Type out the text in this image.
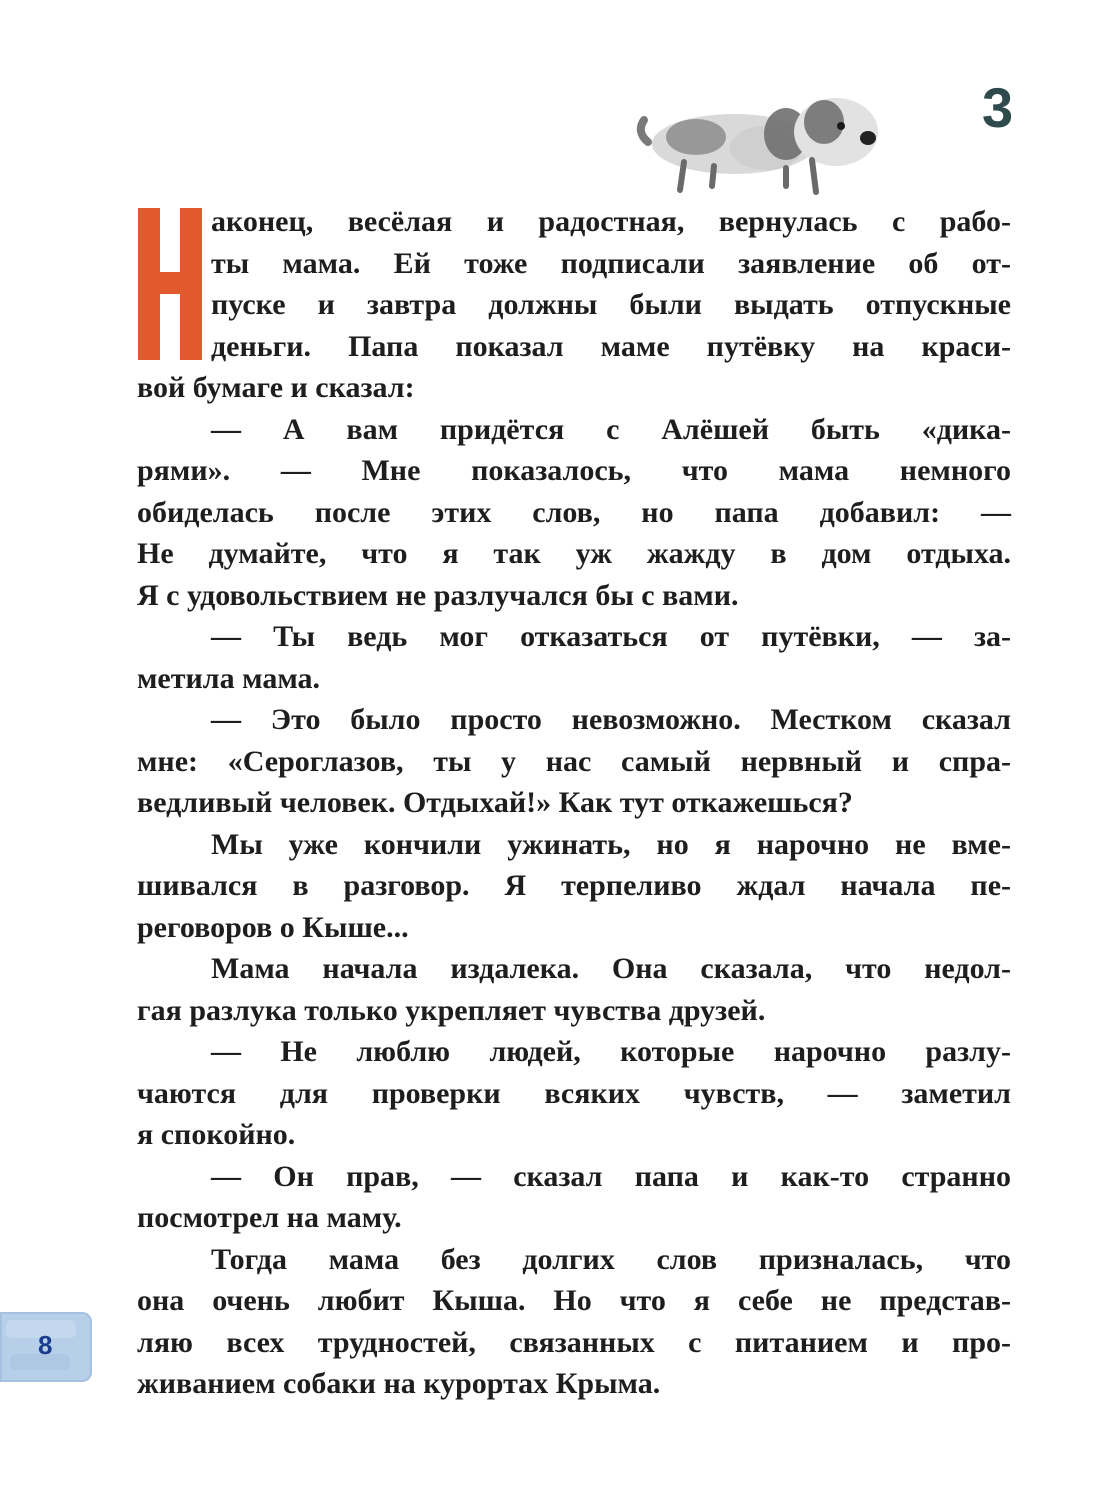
3
Н
аконец, весёлая и радостная, вернулась с рабо-
ты мама. Ей тоже подписали заявление об от-
пуске и завтра должны были выдать отпускные
деньги. Папа показал маме путёвку на краси-
вой бумаге и сказал:
— А вам придётся с Алёшей быть «дика-
рями». — Мне показалось, что мама немного
обиделась после этих слов, но папа добавил: —
Не думайте, что я так уж жажду в дом отдыха.
Я с удовольствием не разлучался бы с вами.
— Ты ведь мог отказаться от путёвки, — за-
метила мама.
— Это было просто невозможно. Местком сказал
мне: «Сероглазов, ты у нас самый нервный и спра-
ведливый человек. Отдыхай!» Как тут откажешься?
Мы уже кончили ужинать, но я нарочно не вме-
шивался в разговор. Я терпеливо ждал начала пе-
реговоров о Кыше...
Мама начала издалека. Она сказала, что недол-
гая разлука только укрепляет чувства друзей.
— Не люблю людей, которые нарочно разлу-
чаются для проверки всяких чувств, — заметил
я спокойно.
— Он прав, — сказал папа и как-то странно
посмотрел на маму.
Тогда мама без долгих слов призналась, что
она очень любит Кыша. Но что я себе не представ-
ляю всех трудностей, связанных с питанием и про-
живанием собаки на курортах Крыма.
8
